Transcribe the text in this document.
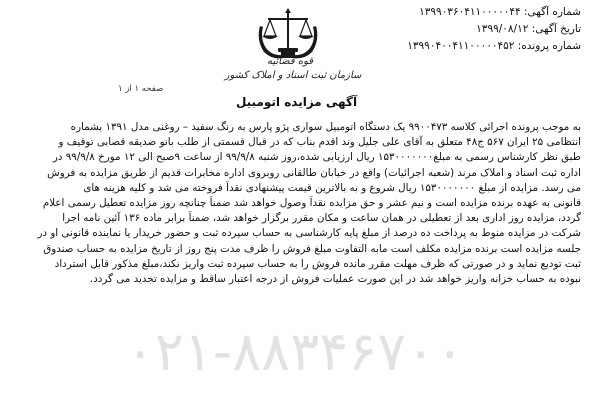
قوه قضائیه
سازمان ثبت اسناد و املاک کشور
شماره آگهی: ۱۳۹۹۰۳۶۰۴۱۱۰۰۰۰۰۴۴
تاریخ آگهی: ۱۳۹۹/۰۸/۱۲
شماره پرونده: ۱۳۹۹۰۴۰۰۴۱۱۰۰۰۰۰۴۵۲
صفحه ۱ از ۱
آگهی مزایده اتومبیل
۰۲۱-۸۸۳۴۶۷۰۰

به موجب پرونده اجرائی کلاسه ۹۹۰۰۴۷۳ یک دستگاه اتومبیل سواری پژو پارس به رنگ سفید – روغنی مدل ۱۳۹۱ بشماره

انتظامی ۲۵ ایران ۵۶۷ ج۴۸ متعلق به آقای علی جلیل وند اقدم بناب که در قبال قسمتی از طلب بانو صدیقه قصابی توقیف و

طبق نظر کارشناس رسمی به مبلغ۱۵۳۰۰۰۰۰۰۰ ریال ارزیابی شده،روز شنبه ۹۹/۹/۸ از ساعت ۹صبح الی ۱۲ مورخ ۹۹/۹/۸ در

اداره ثبت اسناد و املاک مرند (شعبه اجرائیات) واقع در خیابان طالقانی روبروی اداره مخابرات قدیم از طریق مزایده به فروش

می رسد. مزایده از مبلغ ۱۵۳۰۰۰۰۰۰۰ ریال شروع و به بالاترین قیمت پیشنهادی نقداً فروخته می شد و کلیه هزینه های

قانونی به عهده برنده مزایده است و نیم عشر و حق مزایده نقداً وصول خواهد شد ضمناً چنانچه روز مزایده تعطیل رسمی اعلام

گردد، مزایده روز اداری بعد از تعطیلی در همان ساعت و مکان مقرر برگزار خواهد شد، ضمناً برابر ماده ۱۳۶ آئین نامه اجرا

شرکت در مزایده منوط به پرداخت ده درصد از مبلغ پایه کارشناسی به حساب سپرده ثبت و حضور خریدار یا نماینده قانونی او در

جلسه مزایده است برنده مزایده مکلف است مابه التفاوت مبلغ فروش را ظرف مدت پنج روز از تاریخ مزایده به حساب صندوق

ثبت تودیع نماید و در صورتی که ظرف مهلت مقرر مانده فروش را به حساب سپرده ثبت واریز نکند،مبلغ مذکور قابل استرداد

نبوده به حساب خزانه واریز خواهد شد در این صورت عملیات فروش از درجه اعتبار ساقط و مزایده تجدید می گردد.
